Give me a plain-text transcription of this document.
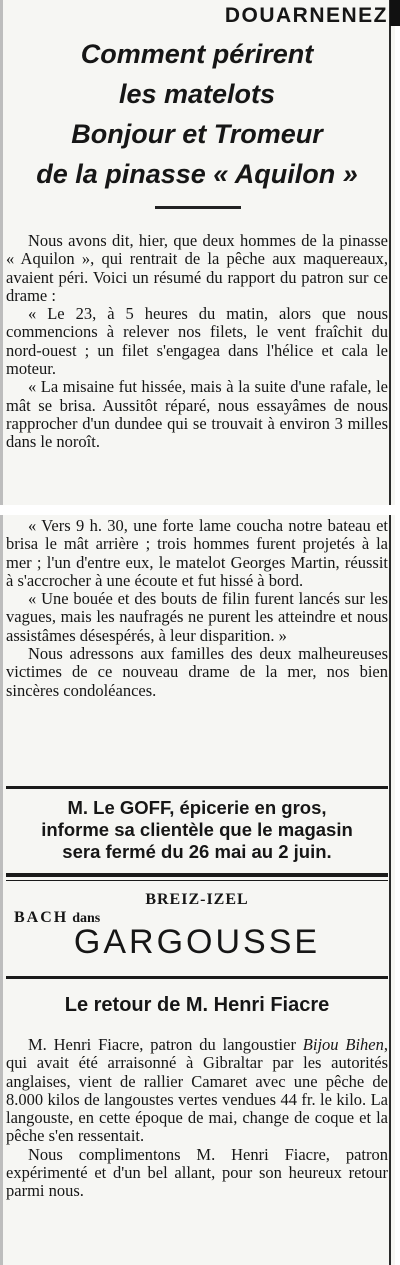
DOUARNENEZ
Comment périrent
les matelots
Bonjour et Tromeur
de la pinasse « Aquilon »

Nous avons dit, hier, que deux hommes de la pinasse « Aquilon », qui rentrait de la pêche aux maquereaux, avaient péri. Voici un résumé du rapport du patron sur ce drame :

« Le 23, à 5 heures du matin, alors que nous commencions à relever nos filets, le vent fraîchit du nord-ouest ; un filet s'engagea dans l'hélice et cala le moteur.

« La misaine fut hissée, mais à la suite d'une rafale, le mât se brisa. Aussitôt réparé, nous essayâmes de nous rapprocher d'un dundee qui se trouvait à environ 3 milles dans le noroît.

« Vers 9 h. 30, une forte lame coucha notre bateau et brisa le mât arrière ; trois hommes furent projetés à la mer ; l'un d'entre eux, le matelot Georges Martin, réussit à s'accrocher à une écoute et fut hissé à bord.

« Une bouée et des bouts de filin furent lancés sur les vagues, mais les naufragés ne purent les atteindre et nous assistâmes désespérés, à leur disparition. »

Nous adressons aux familles des deux malheureuses victimes de ce nouveau drame de la mer, nos bien sincères condoléances.

M. Le GOFF, épicerie en gros,
informe sa clientèle que le magasin
sera fermé du 26 mai au 2 juin.
BREIZ-IZEL
BACH dans
GARGOUSSE
Le retour de M. Henri Fiacre

M. Henri Fiacre, patron du langoustier Bijou Bihen, qui avait été arraisonné à Gibraltar par les autorités anglaises, vient de rallier Camaret avec une pêche de 8.000 kilos de langoustes vertes vendues 44 fr. le kilo. La langouste, en cette époque de mai, change de coque et la pêche s'en ressentait.

Nous complimentons M. Henri Fiacre, patron expérimenté et d'un bel allant, pour son heureux retour parmi nous.
